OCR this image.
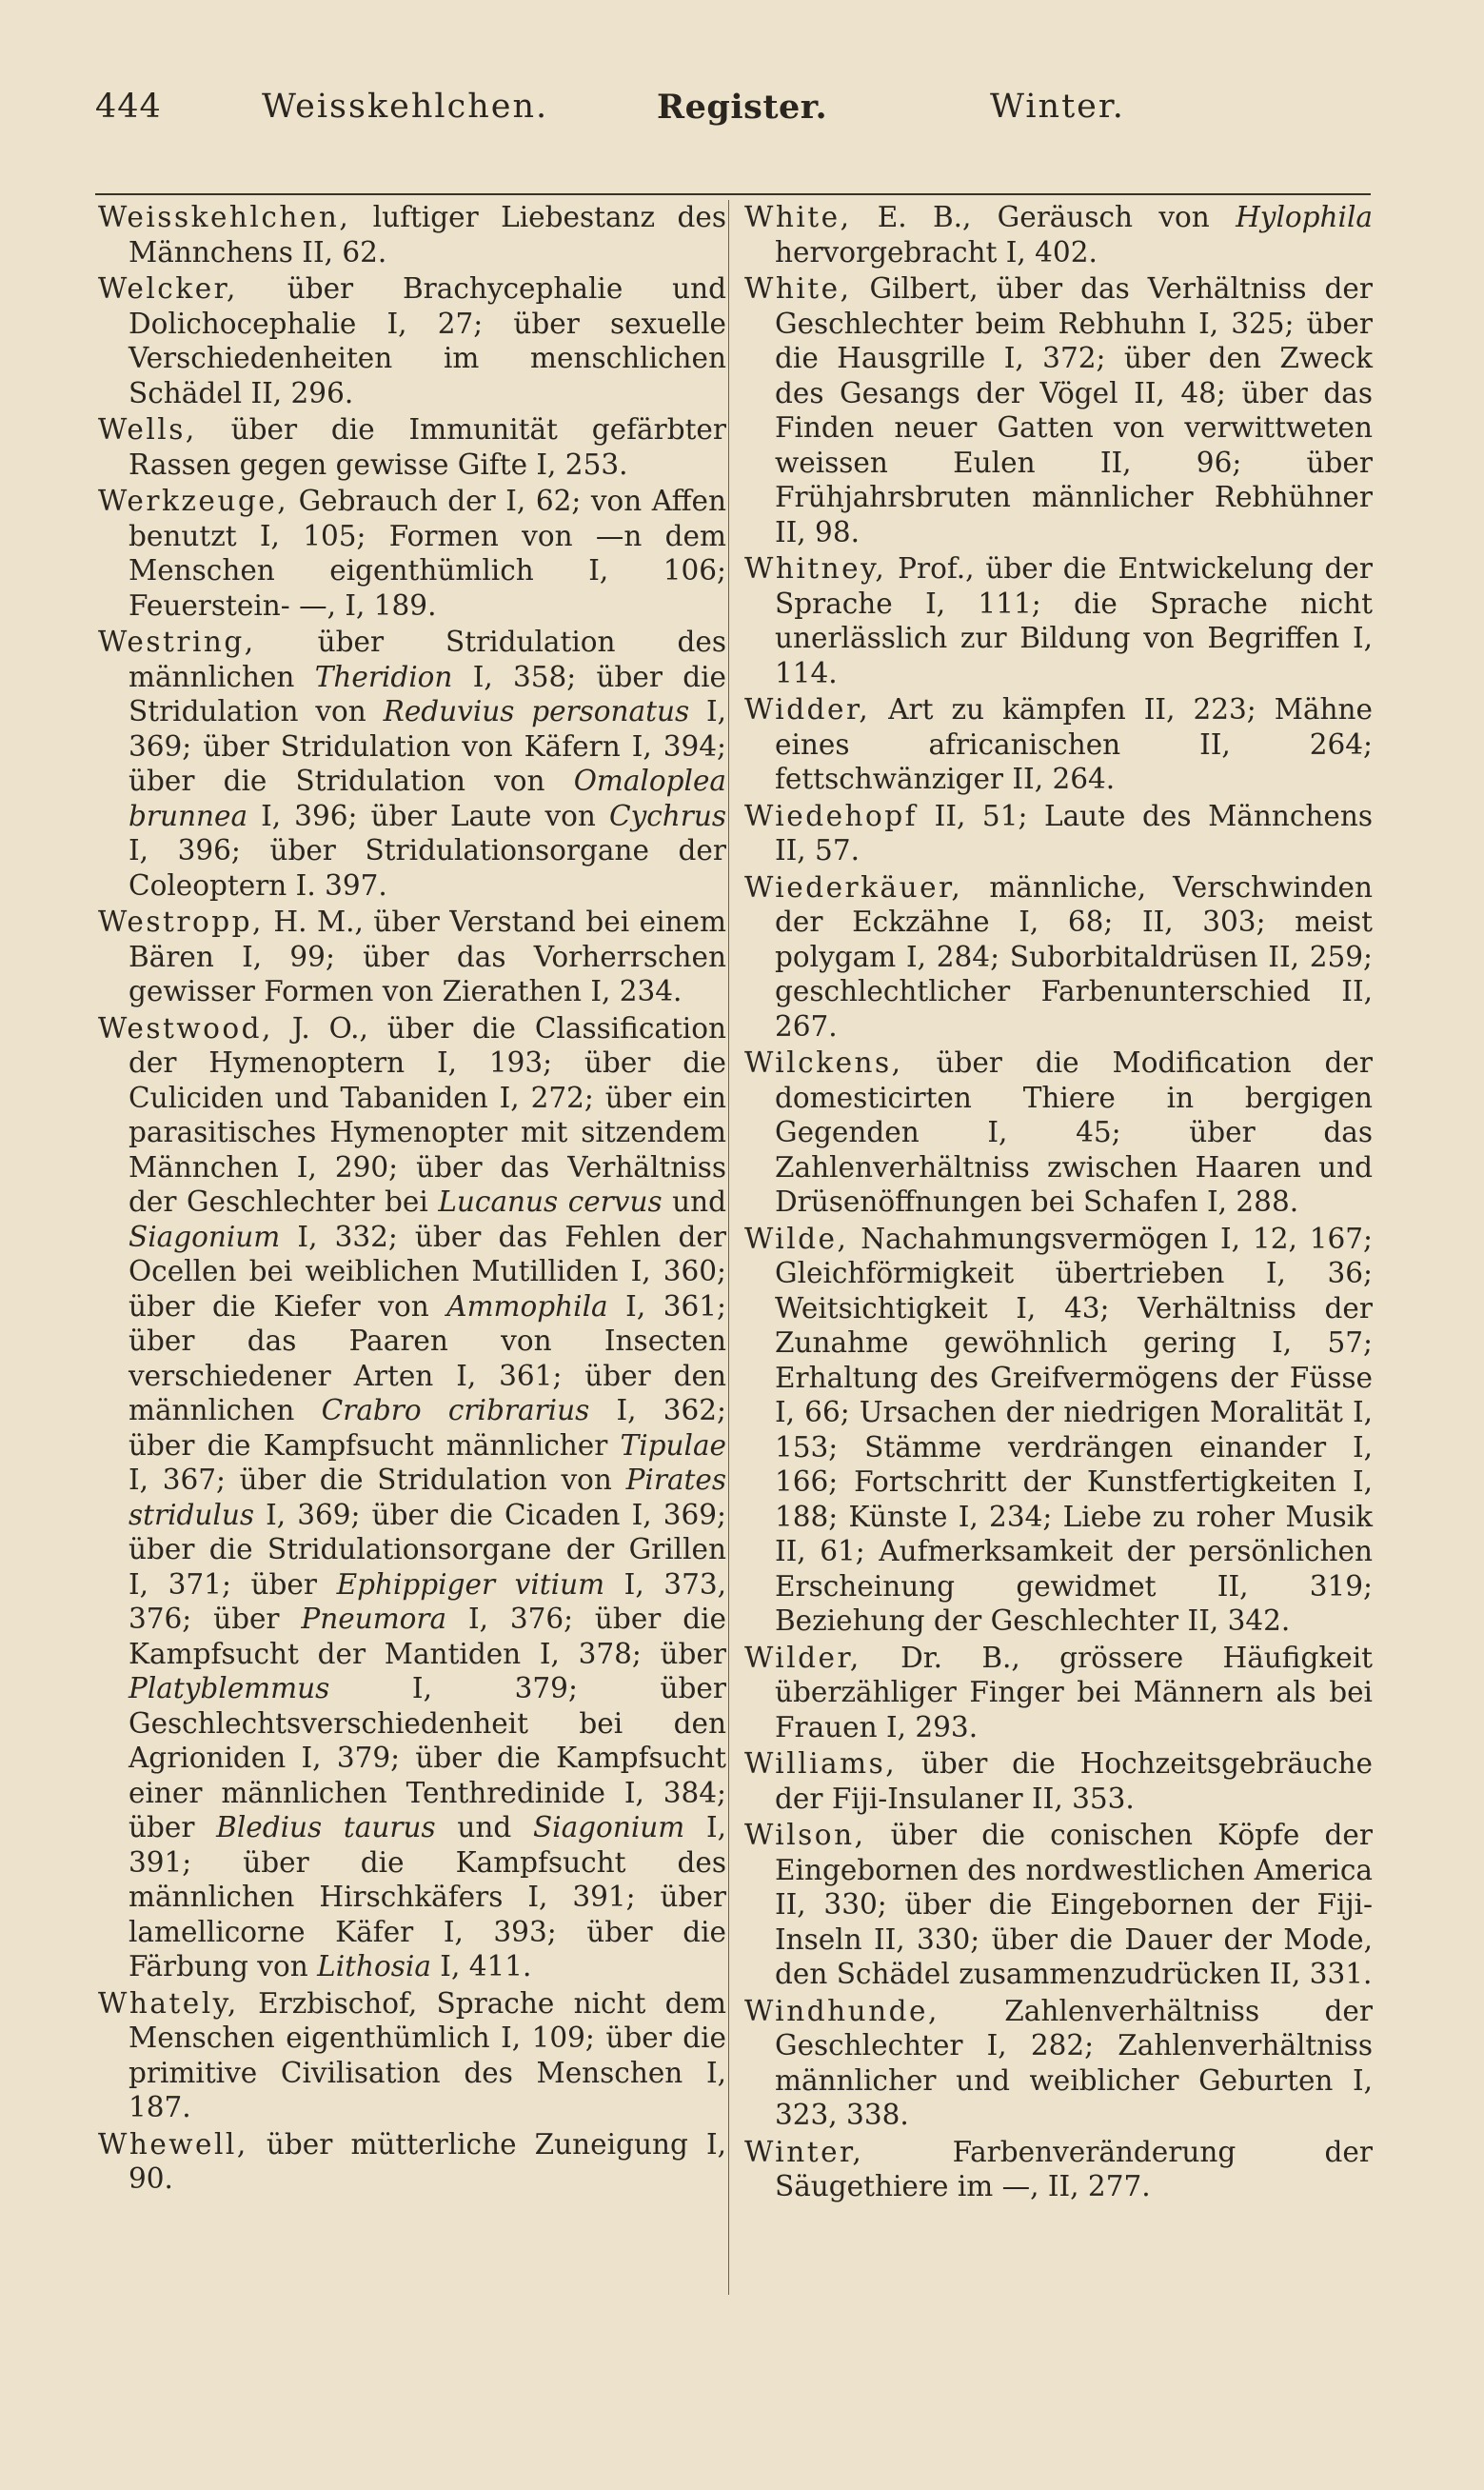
444	Weisskehlchen.	Register.	Winter.
Weisskehlchen, luftiger Liebestanz des Männchens II, 62.
Welcker, über Brachycephalie und Dolichocephalie I, 27; über sexuelle Verschiedenheiten im menschlichen Schädel II, 296.
Wells, über die Immunität gefärbter Rassen gegen gewisse Gifte I, 253.
Werkzeuge, Gebrauch der I, 62; von Affen benutzt I, 105; Formen von —n dem Menschen eigenthümlich I, 106; Feuerstein- —, I, 189.
Westring, über Stridulation des männlichen Theridion I, 358; über die Stridulation von Reduvius personatus I, 369; über Stridulation von Käfern I, 394; über die Stridulation von Omaloplea brunnea I, 396; über Laute von Cychrus I, 396; über Stridulationsorgane der Coleoptern I. 397.
Westropp, H. M., über Verstand bei einem Bären I, 99; über das Vorherrschen gewisser Formen von Zierathen I, 234.
Westwood, J. O., über die Classification der Hymenoptern I, 193; über die Culiciden und Tabaniden I, 272; über ein parasitisches Hymenopter mit sitzendem Männchen I, 290; über das Verhältniss der Geschlechter bei Lucanus cervus und Siagonium I, 332; über das Fehlen der Ocellen bei weiblichen Mutilliden I, 360; über die Kiefer von Ammophila I, 361; über das Paaren von Insecten verschiedener Arten I, 361; über den männlichen Crabro cribrarius I, 362; über die Kampfsucht männlicher Tipulae I, 367; über die Stridulation von Pirates stridulus I, 369; über die Cicaden I, 369; über die Stridulationsorgane der Grillen I, 371; über Ephippiger vitium I, 373, 376; über Pneumora I, 376; über die Kampfsucht der Mantiden I, 378; über Platyblemmus I, 379; über Geschlechtsverschiedenheit bei den Agrioniden I, 379; über die Kampfsucht einer männlichen Tenthredinide I, 384; über Bledius taurus und Siagonium I, 391; über die Kampfsucht des männlichen Hirschkäfers I, 391; über lamellicorne Käfer I, 393; über die Färbung von Lithosia I, 411.
Whately, Erzbischof, Sprache nicht dem Menschen eigenthümlich I, 109; über die primitive Civilisation des Menschen I, 187.
Whewell, über mütterliche Zuneigung I, 90.
White, E. B., Geräusch von Hylophila hervorgebracht I, 402.
White, Gilbert, über das Verhältniss der Geschlechter beim Rebhuhn I, 325; über die Hausgrille I, 372; über den Zweck des Gesangs der Vögel II, 48; über das Finden neuer Gatten von verwittweten weissen Eulen II, 96; über Frühjahrsbruten männlicher Rebhühner II, 98.
Whitney, Prof., über die Entwickelung der Sprache I, 111; die Sprache nicht unerlässlich zur Bildung von Begriffen I, 114.
Widder, Art zu kämpfen II, 223; Mähne eines africanischen II, 264; fettschwänziger II, 264.
Wiedehopf II, 51; Laute des Männchens II, 57.
Wiederkäuer, männliche, Verschwinden der Eckzähne I, 68; II, 303; meist polygam I, 284; Suborbitaldrüsen II, 259; geschlechtlicher Farbenunterschied II, 267.
Wilckens, über die Modification der domesticirten Thiere in bergigen Gegenden I, 45; über das Zahlenverhältniss zwischen Haaren und Drüsenöffnungen bei Schafen I, 288.
Wilde, Nachahmungsvermögen I, 12, 167; Gleichförmigkeit übertrieben I, 36; Weitsichtigkeit I, 43; Verhältniss der Zunahme gewöhnlich gering I, 57; Erhaltung des Greifvermögens der Füsse I, 66; Ursachen der niedrigen Moralität I, 153; Stämme verdrängen einander I, 166; Fortschritt der Kunstfertigkeiten I, 188; Künste I, 234; Liebe zu roher Musik II, 61; Aufmerksamkeit der persönlichen Erscheinung gewidmet II, 319; Beziehung der Geschlechter II, 342.
Wilder, Dr. B., grössere Häufigkeit überzähliger Finger bei Männern als bei Frauen I, 293.
Williams, über die Hochzeitsgebräuche der Fiji-Insulaner II, 353.
Wilson, über die conischen Köpfe der Eingebornen des nordwestlichen America II, 330; über die Eingebornen der Fiji-Inseln II, 330; über die Dauer der Mode, den Schädel zusammenzudrücken II, 331.
Windhunde, Zahlenverhältniss der Geschlechter I, 282; Zahlenverhältniss männlicher und weiblicher Geburten I, 323, 338.
Winter, Farbenveränderung der Säugethiere im —, II, 277.
